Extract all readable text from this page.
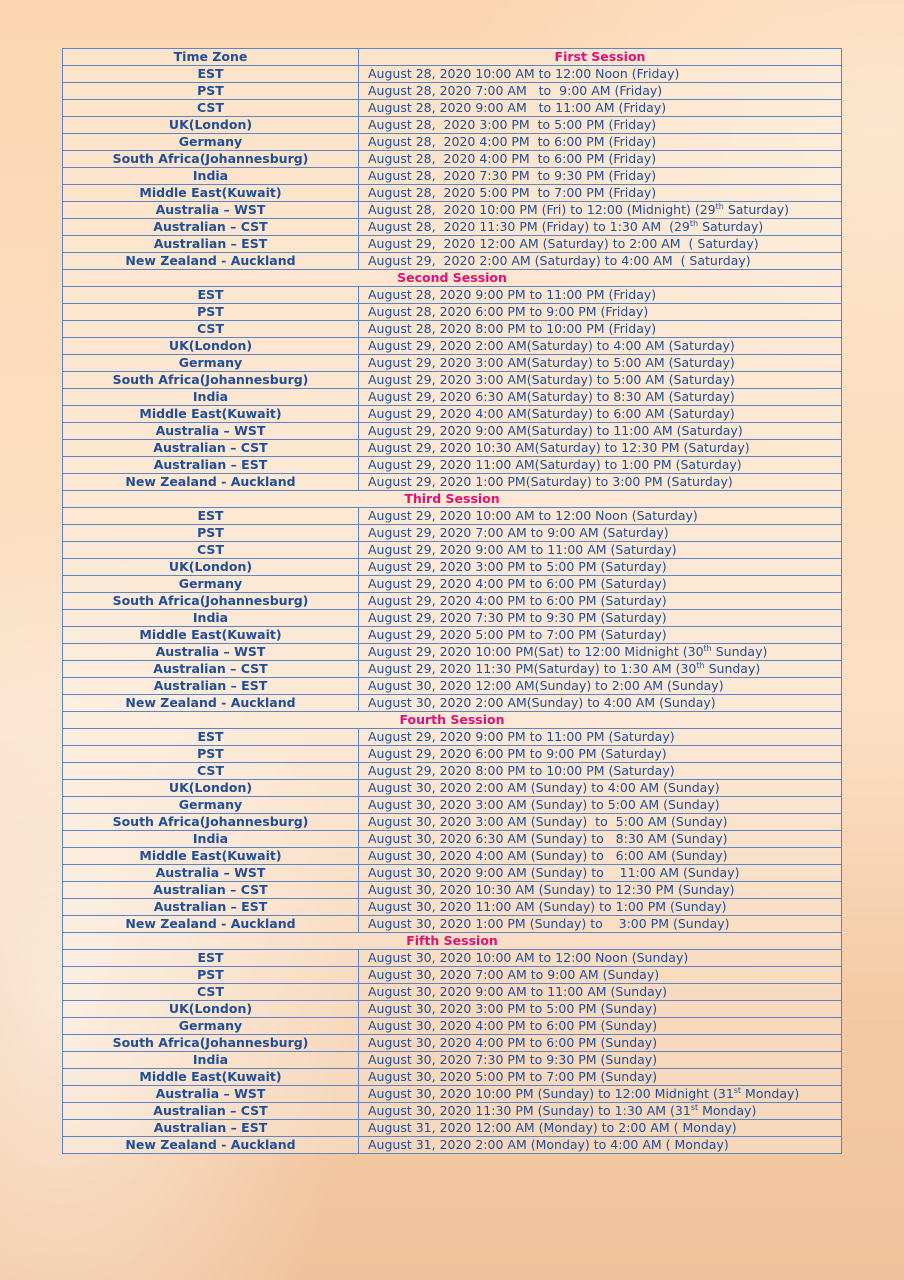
Time Zone	First Session
EST	August 28, 2020 10:00 AM to 12:00 Noon (Friday)
PST	August 28, 2020 7:00 AM   to  9:00 AM (Friday)
CST	August 28, 2020 9:00 AM   to 11:00 AM (Friday)
UK(London)	August 28,  2020 3:00 PM  to 5:00 PM (Friday)
Germany	August 28,  2020 4:00 PM  to 6:00 PM (Friday)
South Africa(Johannesburg)	August 28,  2020 4:00 PM  to 6:00 PM (Friday)
India	August 28,  2020 7:30 PM  to 9:30 PM (Friday)
Middle East(Kuwait)	August 28,  2020 5:00 PM  to 7:00 PM (Friday)
Australia – WST	August 28,  2020 10:00 PM (Fri) to 12:00 (Midnight) (29th Saturday)
Australian – CST	August 28,  2020 11:30 PM (Friday) to 1:30 AM  (29th Saturday)
Australian – EST	August 29,  2020 12:00 AM (Saturday) to 2:00 AM  ( Saturday)
New Zealand - Auckland	August 29,  2020 2:00 AM (Saturday) to 4:00 AM  ( Saturday)
Second Session	
EST	August 28, 2020 9:00 PM to 11:00 PM (Friday)
PST	August 28, 2020 6:00 PM to 9:00 PM (Friday)
CST	August 28, 2020 8:00 PM to 10:00 PM (Friday)
UK(London)	August 29, 2020 2:00 AM(Saturday) to 4:00 AM (Saturday)
Germany	August 29, 2020 3:00 AM(Saturday) to 5:00 AM (Saturday)
South Africa(Johannesburg)	August 29, 2020 3:00 AM(Saturday) to 5:00 AM (Saturday)
India	August 29, 2020 6:30 AM(Saturday) to 8:30 AM (Saturday)
Middle East(Kuwait)	August 29, 2020 4:00 AM(Saturday) to 6:00 AM (Saturday)
Australia – WST	August 29, 2020 9:00 AM(Saturday) to 11:00 AM (Saturday)
Australian – CST	August 29, 2020 10:30 AM(Saturday) to 12:30 PM (Saturday)
Australian – EST	August 29, 2020 11:00 AM(Saturday) to 1:00 PM (Saturday)
New Zealand - Auckland	August 29, 2020 1:00 PM(Saturday) to 3:00 PM (Saturday)
Third Session	
EST	August 29, 2020 10:00 AM to 12:00 Noon (Saturday)
PST	August 29, 2020 7:00 AM to 9:00 AM (Saturday)
CST	August 29, 2020 9:00 AM to 11:00 AM (Saturday)
UK(London)	August 29, 2020 3:00 PM to 5:00 PM (Saturday)
Germany	August 29, 2020 4:00 PM to 6:00 PM (Saturday)
South Africa(Johannesburg)	August 29, 2020 4:00 PM to 6:00 PM (Saturday)
India	August 29, 2020 7:30 PM to 9:30 PM (Saturday)
Middle East(Kuwait)	August 29, 2020 5:00 PM to 7:00 PM (Saturday)
Australia – WST	August 29, 2020 10:00 PM(Sat) to 12:00 Midnight (30th Sunday)
Australian – CST	August 29, 2020 11:30 PM(Saturday) to 1:30 AM (30th Sunday)
Australian – EST	August 30, 2020 12:00 AM(Sunday) to 2:00 AM (Sunday)
New Zealand - Auckland	August 30, 2020 2:00 AM(Sunday) to 4:00 AM (Sunday)
Fourth Session	
EST	August 29, 2020 9:00 PM to 11:00 PM (Saturday)
PST	August 29, 2020 6:00 PM to 9:00 PM (Saturday)
CST	August 29, 2020 8:00 PM to 10:00 PM (Saturday)
UK(London)	August 30, 2020 2:00 AM (Sunday) to 4:00 AM (Sunday)
Germany	August 30, 2020 3:00 AM (Sunday) to 5:00 AM (Sunday)
South Africa(Johannesburg)	August 30, 2020 3:00 AM (Sunday)  to  5:00 AM (Sunday)
India	August 30, 2020 6:30 AM (Sunday) to   8:30 AM (Sunday)
Middle East(Kuwait)	August 30, 2020 4:00 AM (Sunday) to   6:00 AM (Sunday)
Australia – WST	August 30, 2020 9:00 AM (Sunday) to    11:00 AM (Sunday)
Australian – CST	August 30, 2020 10:30 AM (Sunday) to 12:30 PM (Sunday)
Australian – EST	August 30, 2020 11:00 AM (Sunday) to 1:00 PM (Sunday)
New Zealand - Auckland	August 30, 2020 1:00 PM (Sunday) to    3:00 PM (Sunday)
Fifth Session	
EST	August 30, 2020 10:00 AM to 12:00 Noon (Sunday)
PST	August 30, 2020 7:00 AM to 9:00 AM (Sunday)
CST	August 30, 2020 9:00 AM to 11:00 AM (Sunday)
UK(London)	August 30, 2020 3:00 PM to 5:00 PM (Sunday)
Germany	August 30, 2020 4:00 PM to 6:00 PM (Sunday)
South Africa(Johannesburg)	August 30, 2020 4:00 PM to 6:00 PM (Sunday)
India	August 30, 2020 7:30 PM to 9:30 PM (Sunday)
Middle East(Kuwait)	August 30, 2020 5:00 PM to 7:00 PM (Sunday)
Australia – WST	August 30, 2020 10:00 PM (Sunday) to 12:00 Midnight (31st Monday)
Australian – CST	August 30, 2020 11:30 PM (Sunday) to 1:30 AM (31st Monday)
Australian – EST	August 31, 2020 12:00 AM (Monday) to 2:00 AM ( Monday)
New Zealand - Auckland	August 31, 2020 2:00 AM (Monday) to 4:00 AM ( Monday)
